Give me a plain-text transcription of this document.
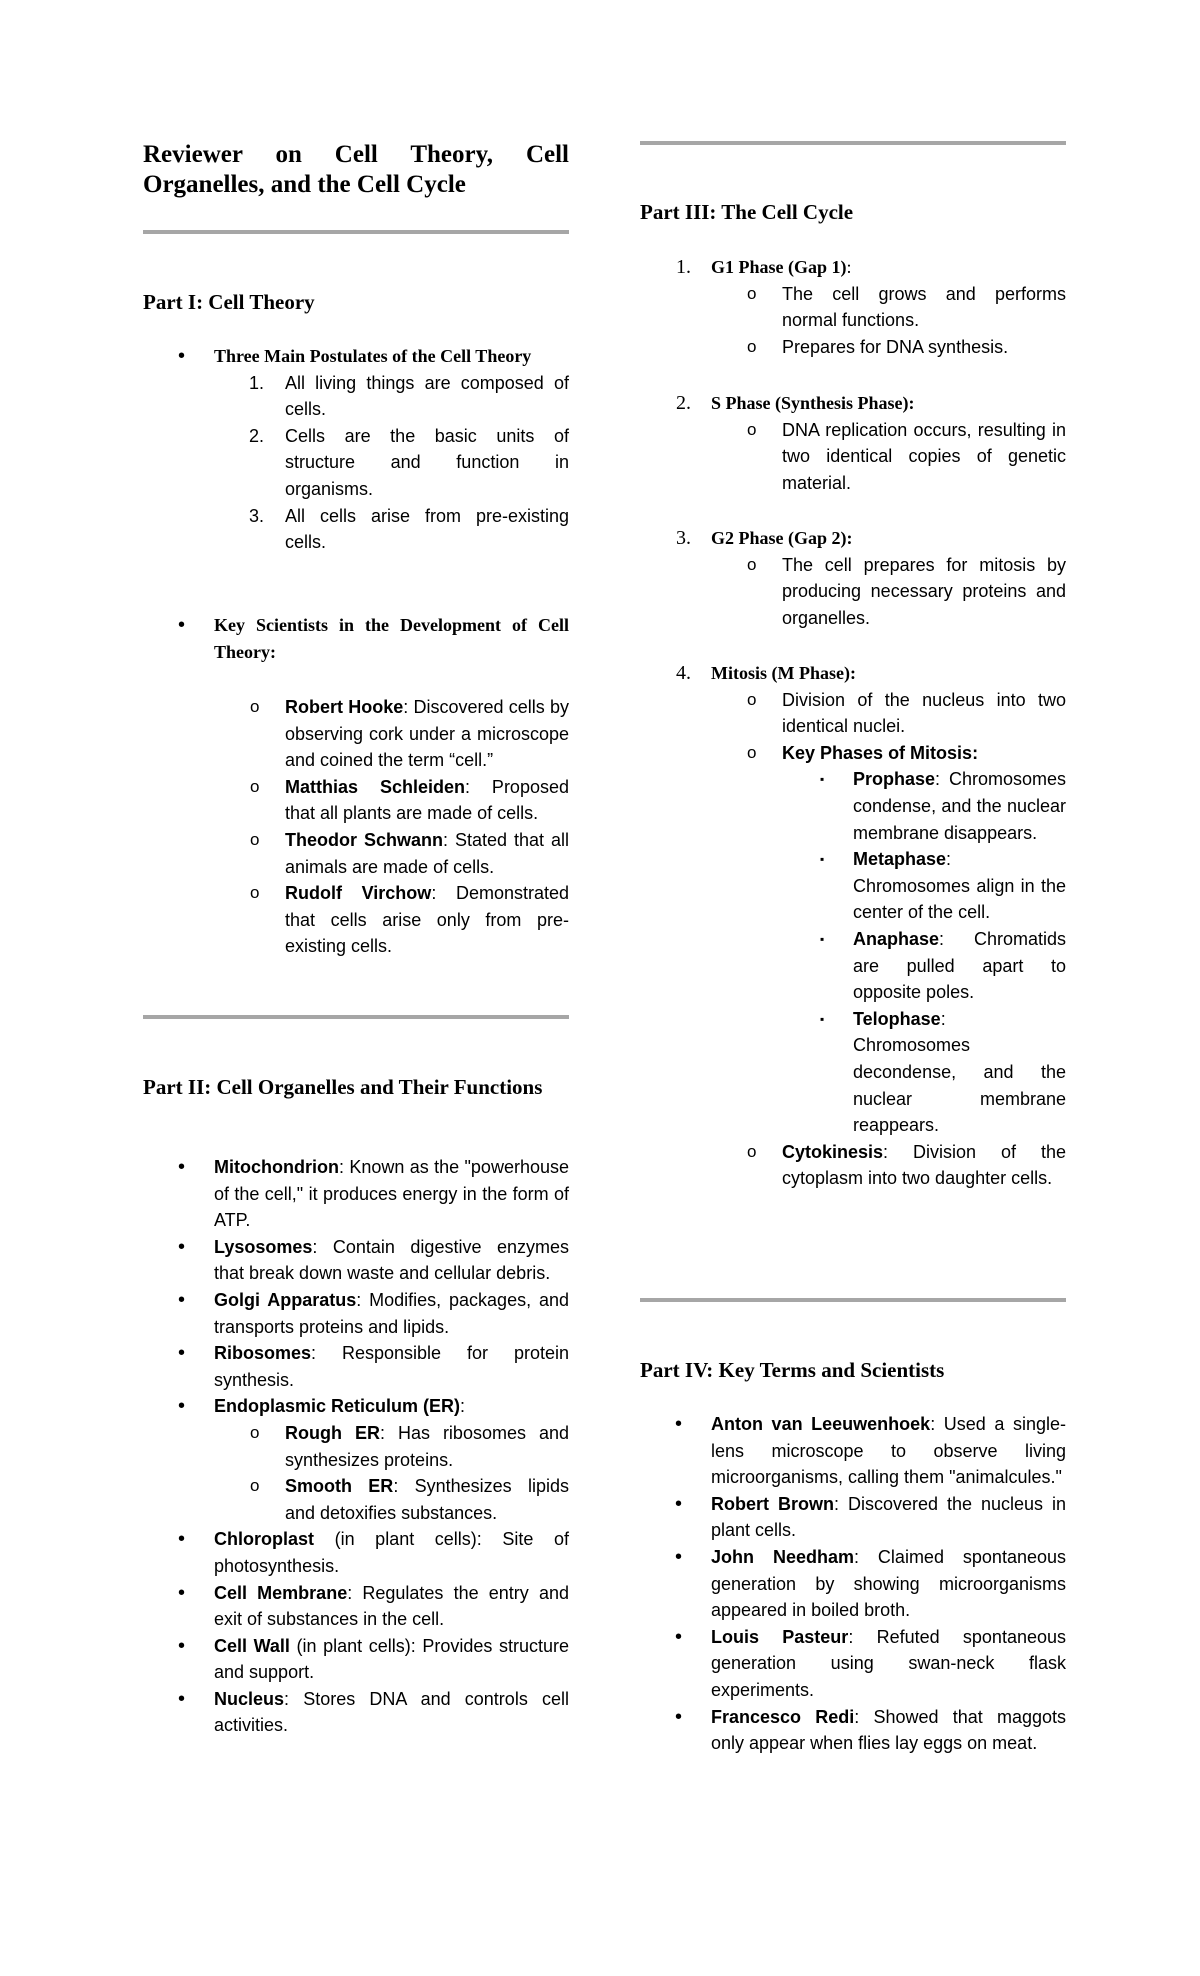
Reviewer on Cell Theory, Cell Organelles, and the Cell Cycle
Part I: Cell Theory
• Three Main Postulates of the Cell Theory

1. All living things are composed of cells.

2. Cells are the basic units of structure and function in organisms.

3. All cells arise from pre-existing cells.

• Key Scientists in the Development of Cell Theory:

o Robert Hooke: Discovered cells by observing cork under a microscope and coined the term “cell.”

o Matthias Schleiden: Proposed that all plants are made of cells.

o Theodor Schwann: Stated that all animals are made of cells.

o Rudolf Virchow: Demonstrated that cells arise only from pre-existing cells.

Part II: Cell Organelles and Their Functions
• Mitochondrion: Known as the "powerhouse of the cell," it produces energy in the form of ATP.

• Lysosomes: Contain digestive enzymes that break down waste and cellular debris.

• Golgi Apparatus: Modifies, packages, and transports proteins and lipids.

• Ribosomes: Responsible for protein synthesis.

• Endoplasmic Reticulum (ER):

o Rough ER: Has ribosomes and synthesizes proteins.

o Smooth ER: Synthesizes lipids and detoxifies substances.

• Chloroplast (in plant cells): Site of photosynthesis.

• Cell Membrane: Regulates the entry and exit of substances in the cell.

• Cell Wall (in plant cells): Provides structure and support.

• Nucleus: Stores DNA and controls cell activities.

Part III: The Cell Cycle
1. G1 Phase (Gap 1):

o The cell grows and performs normal functions.

o Prepares for DNA synthesis.

2. S Phase (Synthesis Phase):

o DNA replication occurs, resulting in two identical copies of genetic material.

3. G2 Phase (Gap 2):

o The cell prepares for mitosis by producing necessary proteins and organelles.

4. Mitosis (M Phase):

o Division of the nucleus into two identical nuclei.

o Key Phases of Mitosis:

▪ Prophase: Chromosomes condense, and the nuclear membrane disappears.

▪ Metaphase: Chromosomes align in the center of the cell.

▪ Anaphase: Chromatids are pulled apart to opposite poles.

▪ Telophase: Chromosomes decondense, and the nuclear membrane reappears.

o Cytokinesis: Division of the cytoplasm into two daughter cells.

Part IV: Key Terms and Scientists
• Anton van Leeuwenhoek: Used a single-lens microscope to observe living microorganisms, calling them "animalcules."

• Robert Brown: Discovered the nucleus in plant cells.

• John Needham: Claimed spontaneous generation by showing microorganisms appeared in boiled broth.

• Louis Pasteur: Refuted spontaneous generation using swan-neck flask experiments.

• Francesco Redi: Showed that maggots only appear when flies lay eggs on meat.
